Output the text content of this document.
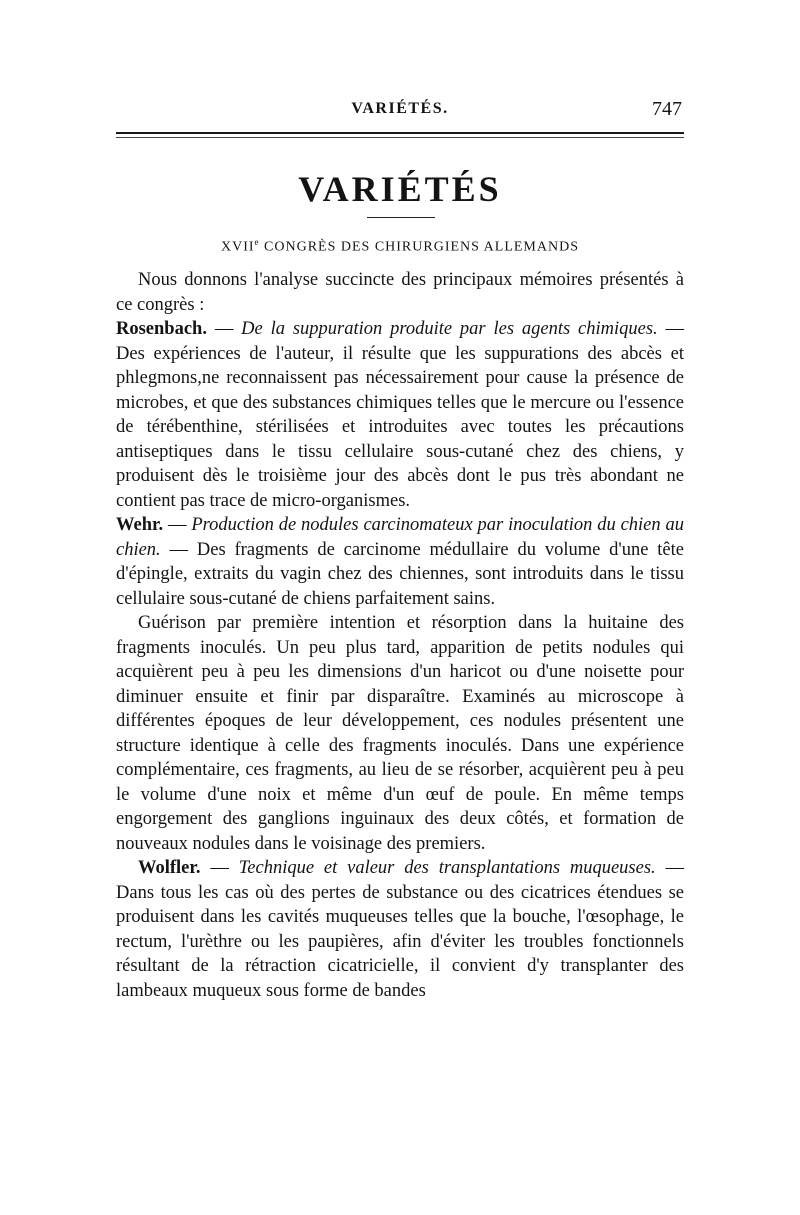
VARIÉTÉS.	747
VARIÉTÉS
XVIIe CONGRÈS DES CHIRURGIENS ALLEMANDS

Nous donnons l'analyse succincte des principaux mémoires présentés à ce congrès :

Rosenbach. — De la suppuration produite par les agents chimiques. — Des expériences de l'auteur, il résulte que les suppurations des abcès et phlegmons,ne reconnaissent pas nécessairement pour cause la présence de microbes, et que des substances chimiques telles que le mercure ou l'essence de térébenthine, stérilisées et introduites avec toutes les précautions antiseptiques dans le tissu cellulaire sous-cutané chez des chiens, y produisent dès le troisième jour des abcès dont le pus très abondant ne contient pas trace de micro-organismes.

Wehr. — Production de nodules carcinomateux par inoculation du chien au chien. — Des fragments de carcinome médullaire du volume d'une tête d'épingle, extraits du vagin chez des chiennes, sont introduits dans le tissu cellulaire sous-cutané de chiens parfaitement sains.

Guérison par première intention et résorption dans la huitaine des fragments inoculés. Un peu plus tard, apparition de petits nodules qui acquièrent peu à peu les dimensions d'un haricot ou d'une noisette pour diminuer ensuite et finir par disparaître. Examinés au microscope à différentes époques de leur développement, ces nodules présentent une structure identique à celle des fragments inoculés. Dans une expérience complémentaire, ces fragments, au lieu de se résorber, acquièrent peu à peu le volume d'une noix et même d'un œuf de poule. En même temps engorgement des ganglions inguinaux des deux côtés, et formation de nouveaux nodules dans le voisinage des premiers.

Wolfler. — Technique et valeur des transplantations muqueuses. — Dans tous les cas où des pertes de substance ou des cicatrices étendues se produisent dans les cavités muqueuses telles que la bouche, l'œsophage, le rectum, l'urèthre ou les paupières, afin d'éviter les troubles fonctionnels résultant de la rétraction cicatricielle, il convient d'y transplanter des lambeaux muqueux sous forme de bandes
